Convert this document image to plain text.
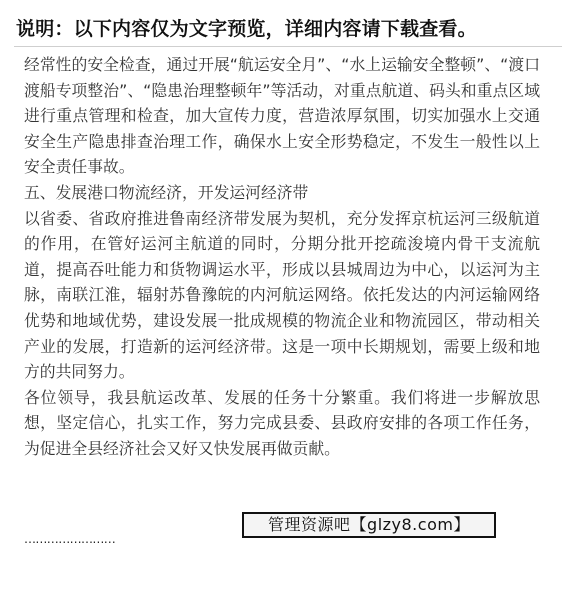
说明：以下内容仅为文字预览，详细内容请下载查看。

经常性的安全检查，通过开展“航运安全月”、“水上运输安全整顿”、“渡口渡船专项整治”、“隐患治理整顿年”等活动，对重点航道、码头和重点区域进行重点管理和检查，加大宣传力度，营造浓厚氛围，切实加强水上交通安全生产隐患排查治理工作，确保水上安全形势稳定，不发生一般性以上安全责任事故。

五、发展港口物流经济，开发运河经济带

以省委、省政府推进鲁南经济带发展为契机，充分发挥京杭运河三级航道的作用，在管好运河主航道的同时，分期分批开挖疏浚境内骨干支流航道，提高吞吐能力和货物调运水平，形成以县城周边为中心，以运河为主脉，南联江淮，辐射苏鲁豫皖的内河航运网络。依托发达的内河运输网络优势和地域优势，建设发展一批成规模的物流企业和物流园区，带动相关产业的发展，打造新的运河经济带。这是一项中长期规划，需要上级和地方的共同努力。

各位领导，我县航运改革、发展的任务十分繁重。我们将进一步解放思想，坚定信心，扎实工作，努力完成县委、县政府安排的各项工作任务，为促进全县经济社会又好又快发展再做贡献。

管理资源吧【glzy8.com】
……………………
